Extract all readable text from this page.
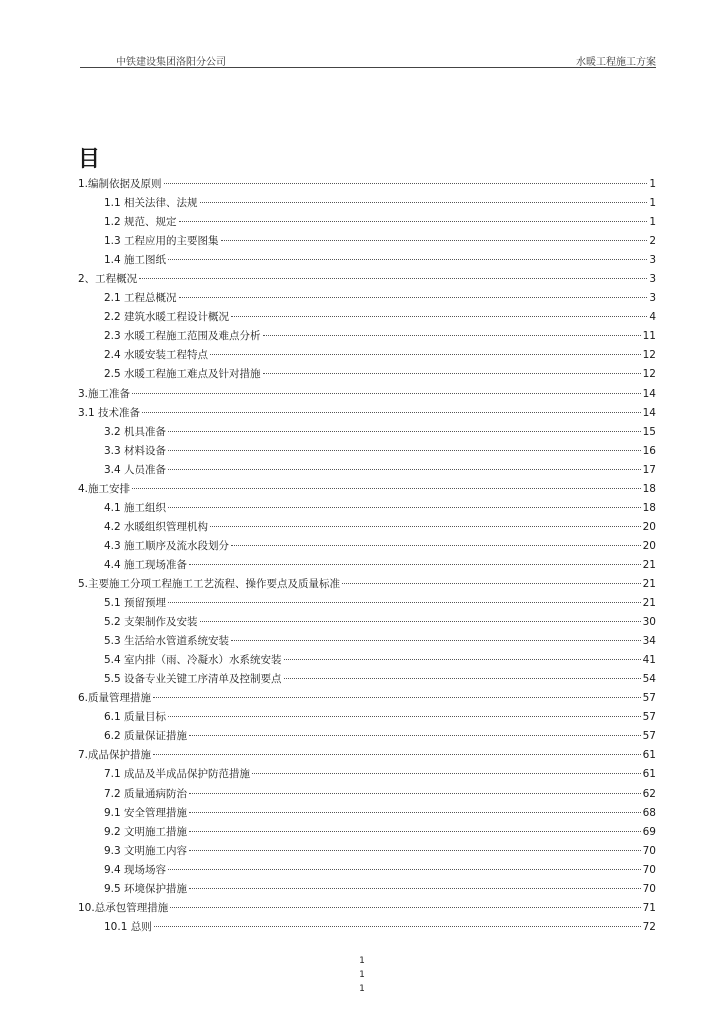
中铁建设集团洛阳分公司	水暖工程施工方案
目
1.编制依据及原则	1
1.1 相关法律、法规	1
1.2 规范、规定	1
1.3 工程应用的主要图集	2
1.4 施工图纸	3
2、工程概况	3
2.1 工程总概况	3
2.2 建筑水暖工程设计概况	4
2.3 水暖工程施工范围及难点分析	11
2.4 水暖安装工程特点	12
2.5 水暖工程施工难点及针对措施	12
3.施工准备	14
3.1 技术准备	14
3.2 机具准备	15
3.3 材料设备	16
3.4 人员准备	17
4.施工安排	18
4.1 施工组织	18
4.2 水暖组织管理机构	20
4.3 施工顺序及流水段划分	20
4.4 施工现场准备	21
5.主要施工分项工程施工工艺流程、操作要点及质量标准	21
5.1 预留预埋	21
5.2 支架制作及安装	30
5.3 生活给水管道系统安装	34
5.4 室内排（雨、冷凝水）水系统安装	41
5.5 设备专业关键工序清单及控制要点	54
6.质量管理措施	57
6.1 质量目标	57
6.2 质量保证措施	57
7.成品保护措施	61
7.1 成品及半成品保护防范措施	61
7.2 质量通病防治	62
9.1 安全管理措施	68
9.2 文明施工措施	69
9.3 文明施工内容	70
9.4 现场场容	70
9.5 环境保护措施	70
10.总承包管理措施	71
10.1 总则	72
1
1
1
